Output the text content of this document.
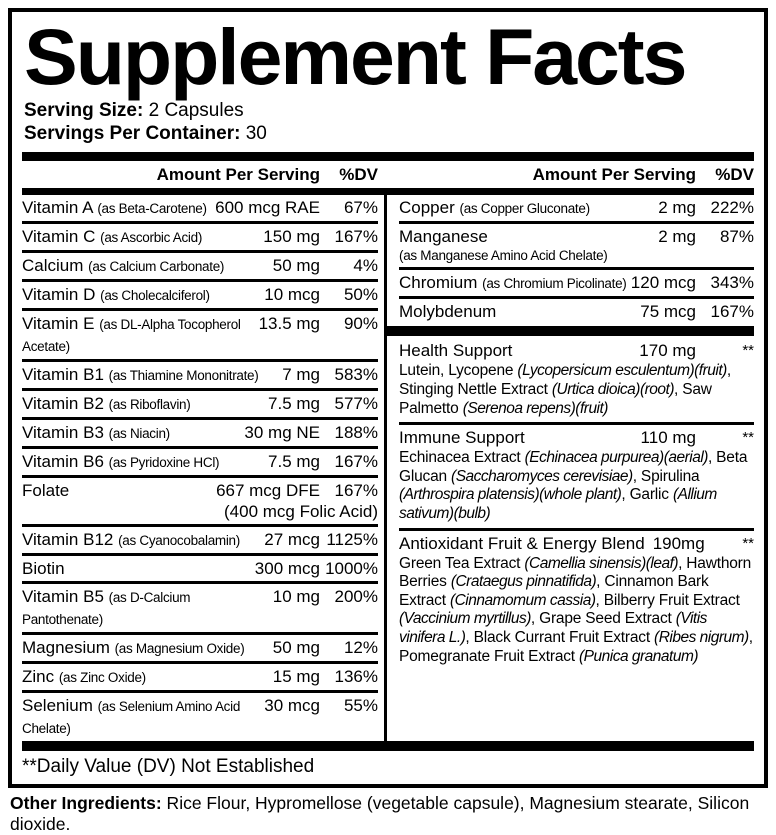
Supplement Facts
Serving Size: 2 Capsules
Servings Per Container: 30
Amount Per Serving	%DV	Amount Per Serving	%DV
Vitamin A (as Beta-Carotene) 600 mcg RAE	67%
Vitamin C (as Ascorbic Acid)	150 mg 167%
Calcium (as Calcium Carbonate)	50 mg	4%
Vitamin D (as Cholecalciferol)	10 mcg	50%
Vitamin E (as DL-Alpha Tocopherol Acetate)
13.5 mg	90%
Vitamin B1 (as Thiamine Mononitrate)	7 mg 583%
Vitamin B2 (as Riboflavin)	7.5 mg 577%
Vitamin B3 (as Niacin)	30 mg NE 188%
Vitamin B6 (as Pyridoxine HCl)	7.5 mg 167%
Folate	667 mcg DFE 167%
(400 mcg Folic Acid)
Vitamin B12 (as Cyanocobalamin)	27 mcg 1125%
Biotin	300 mcg 1000%
Vitamin B5 (as D-Calcium Pantothenate)
10 mg 200%
Magnesium (as Magnesium Oxide)	50 mg	12%
Zinc (as Zinc Oxide)	15 mg 136%
Selenium (as Selenium Amino Acid Chelate)
30 mcg	55%
Copper (as Copper Gluconate)	2 mg 222%
Manganese
(as Manganese Amino Acid Chelate)
2 mg	87%
Chromium (as Chromium Picolinate) 120 mcg 343%
Molybdenum	75 mcg 167%
Health Support	170 mg	**
Lutein, Lycopene (Lycopersicum esculentum)(fruit), Stinging Nettle Extract (Urtica dioica)(root), Saw Palmetto (Serenoa repens)(fruit)
Immune Support	110 mg	**
Echinacea Extract (Echinacea purpurea)(aerial), Beta Glucan (Saccharomyces cerevisiae), Spirulina (Arthrospira platensis)(whole plant), Garlic (Allium sativum)(bulb)
Antioxidant Fruit & Energy Blend 190mg	**
Green Tea Extract (Camellia sinensis)(leaf), Hawthorn Berries (Crataegus pinnatifida), Cinnamon Bark Extract (Cinnamomum cassia), Bilberry Fruit Extract (Vaccinium myrtillus), Grape Seed Extract (Vitis vinifera L.), Black Currant Fruit Extract (Ribes nigrum), Pomegranate Fruit Extract (Punica granatum)
**Daily Value (DV) Not Established
Other Ingredients: Rice Flour, Hypromellose (vegetable capsule), Magnesium stearate, Silicon dioxide.
